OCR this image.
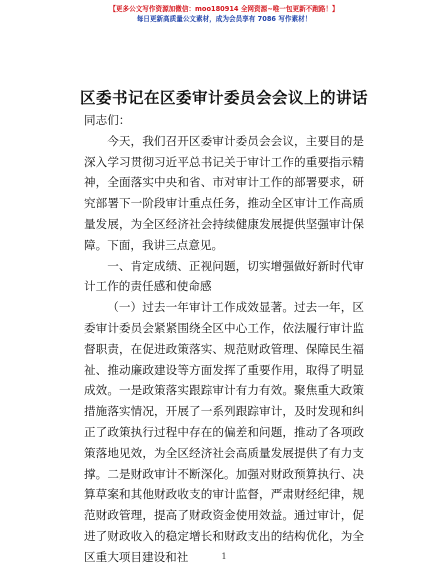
【更多公文写作资源加微信：moo180914 全网资源~唯一包更新不跑路！】
每日更新高质量公文素材，成为会员享有 7086 写作素材！
区委书记在区委审计委员会会议上的讲话

同志们：

今天，我们召开区委审计委员会会议，主要目的是深入学习贯彻习近平总书记关于审计工作的重要指示精神，全面落实中央和省、市对审计工作的部署要求，研究部署下一阶段审计重点任务，推动全区审计工作高质量发展，为全区经济社会持续健康发展提供坚强审计保障。下面，我讲三点意见。

一、肯定成绩、正视问题，切实增强做好新时代审计工作的责任感和使命感

（一）过去一年审计工作成效显著。过去一年，区委审计委员会紧紧围绕全区中心工作，依法履行审计监督职责，在促进政策落实、规范财政管理、保障民生福祉、推动廉政建设等方面发挥了重要作用，取得了明显成效。一是政策落实跟踪审计有力有效。聚焦重大政策措施落实情况，开展了一系列跟踪审计，及时发现和纠正了政策执行过程中存在的偏差和问题，推动了各项政策落地见效，为全区经济社会高质量发展提供了有力支撑。二是财政审计不断深化。加强对财政预算执行、决算草案和其他财政收支的审计监督，严肃财经纪律，规范财政管理，提高了财政资金使用效益。通过审计，促进了财政收入的稳定增长和财政支出的结构优化，为全区重大项目建设和社	1
